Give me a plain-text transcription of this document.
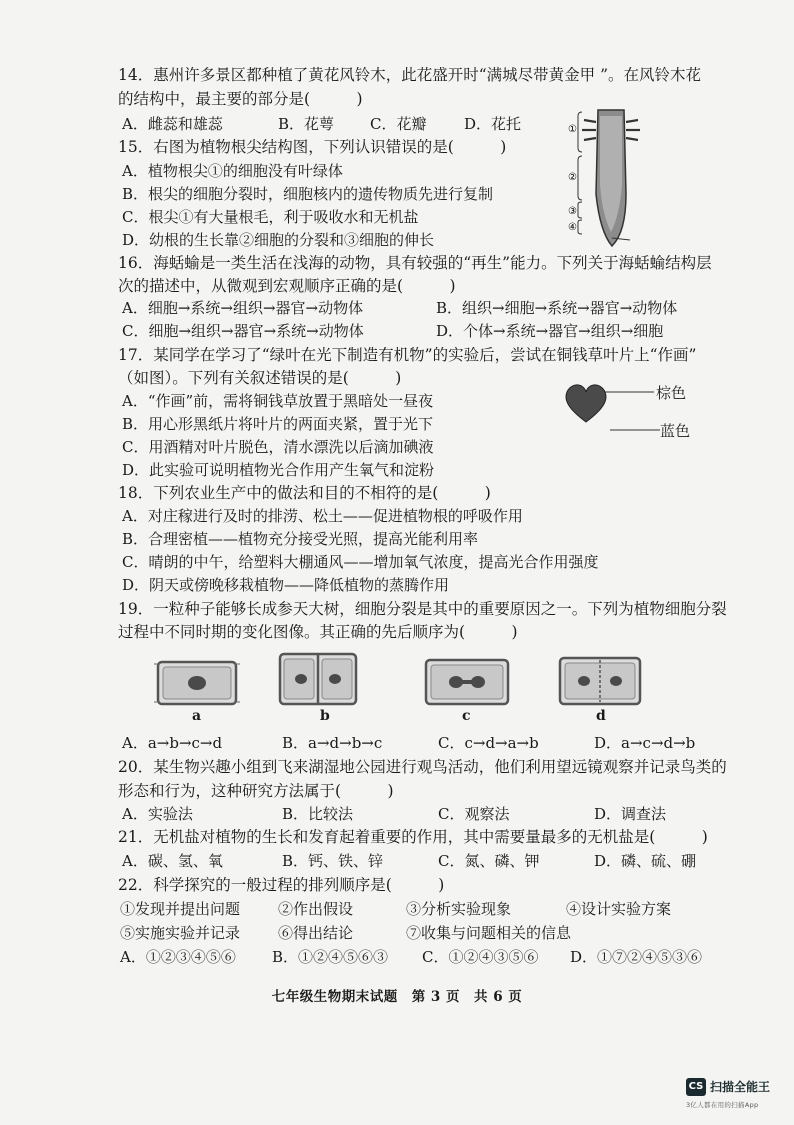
14．惠州许多景区都种植了黄花风铃木，此花盛开时“满城尽带黄金甲 ”。在风铃木花
的结构中，最主要的部分是(　　　)
A．雌蕊和雄蕊	B．花萼 C．花瓣	D．花托
15．右图为植物根尖结构图，下列认识错误的是(　　　)
A．植物根尖①的细胞没有叶绿体
B．根尖的细胞分裂时，细胞核内的遗传物质先进行复制
C．根尖①有大量根毛，利于吸收水和无机盐
D．幼根的生长靠②细胞的分裂和③细胞的伸长
①
②
③
④
16．海蛞蝓是一类生活在浅海的动物，具有较强的“再生”能力。下列关于海蛞蝓结构层
次的描述中，从微观到宏观顺序正确的是(　　　)
A．细胞→系统→组织→器官→动物体	B．组织→细胞→系统→器官→动物体
C．细胞→组织→器官→系统→动物体	D．个体→系统→器官→组织→细胞
17．某同学在学习了“绿叶在光下制造有机物”的实验后，尝试在铜钱草叶片上“作画”
（如图）。下列有关叙述错误的是(　　　)
A．“作画”前，需将铜钱草放置于黑暗处一昼夜
B．用心形黑纸片将叶片的两面夹紧，置于光下
C．用酒精对叶片脱色，清水漂洗以后滴加碘液
D．此实验可说明植物光合作用产生氧气和淀粉
棕色
蓝色
18．下列农业生产中的做法和目的不相符的是(　　　)
A．对庄稼进行及时的排涝、松土——促进植物根的呼吸作用
B．合理密植——植物充分接受光照，提高光能利用率
C．晴朗的中午，给塑料大棚通风——增加氧气浓度，提高光合作用强度
D．阴天或傍晚移栽植物——降低植物的蒸腾作用
19．一粒种子能够长成参天大树，细胞分裂是其中的重要原因之一。下列为植物细胞分裂
过程中不同时期的变化图像。其正确的先后顺序为(　　　)
a	b	c	d
A．a→b→c→d	B．a→d→b→c	C．c→d→a→b	D．a→c→d→b
20．某生物兴趣小组到飞来湖湿地公园进行观鸟活动，他们利用望远镜观察并记录鸟类的
形态和行为，这种研究方法属于(　　　)
A．实验法	B．比较法	C．观察法	D．调查法
21．无机盐对植物的生长和发育起着重要的作用，其中需要量最多的无机盐是(　　　)
A．碳、氢、氧	B．钙、铁、锌	C．氮、磷、钾	D．磷、硫、硼
22．科学探究的一般过程的排列顺序是(　　　)
①发现并提出问题	②作出假设	③分析实验现象	④设计实验方案
⑤实施实验并记录	⑥得出结论	⑦收集与问题相关的信息
A．①②③④⑤⑥ B．①②④⑤⑥③ C．①②④③⑤⑥ D．①⑦②④⑤③⑥
七年级生物期末试题　第 3 页　共 6 页
CS 扫描全能王
3亿人都在用的扫描App
